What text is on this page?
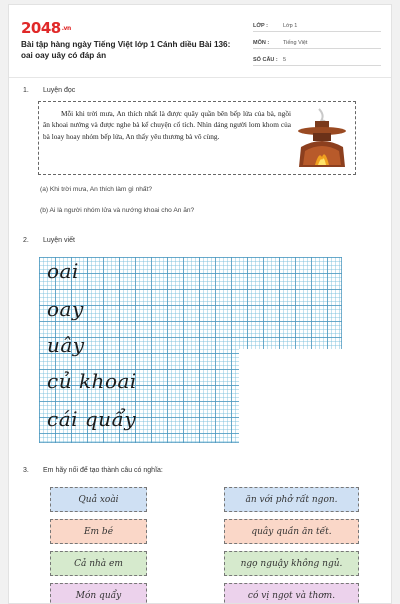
2048.vn
Bài tập hàng ngày Tiếng Việt lớp 1 Cánh diều Bài 136: oai oay uây có đáp án
LỚP :	Lớp 1
MÔN :	Tiếng Việt
SỐ CÂU : 5
1. Luyện đọc
Mỗi khi trời mưa, An thích nhất là được quây quần bên bếp lửa của bà, ngồi ăn khoai nướng và được nghe bà kể chuyện cổ tích. Nhìn dáng người lom khom của bà loay hoay nhóm bếp lửa, An thấy yêu thương bà vô cùng.
(a) Khi trời mưa, An thích làm gì nhất?
(b) Ai là người nhóm lửa và nướng khoai cho An ăn?
2. Luyện viết
oai
oay
uây
củ khoai
cái quẩy
3. Em hãy nối để tạo thành câu có nghĩa:
Quả xoài
Em bé
Cả nhà em
Món quẩy
ăn với phở rất ngon.
quây quần ăn tết.
ngọ nguậy không ngủ.
có vị ngọt và thơm.
